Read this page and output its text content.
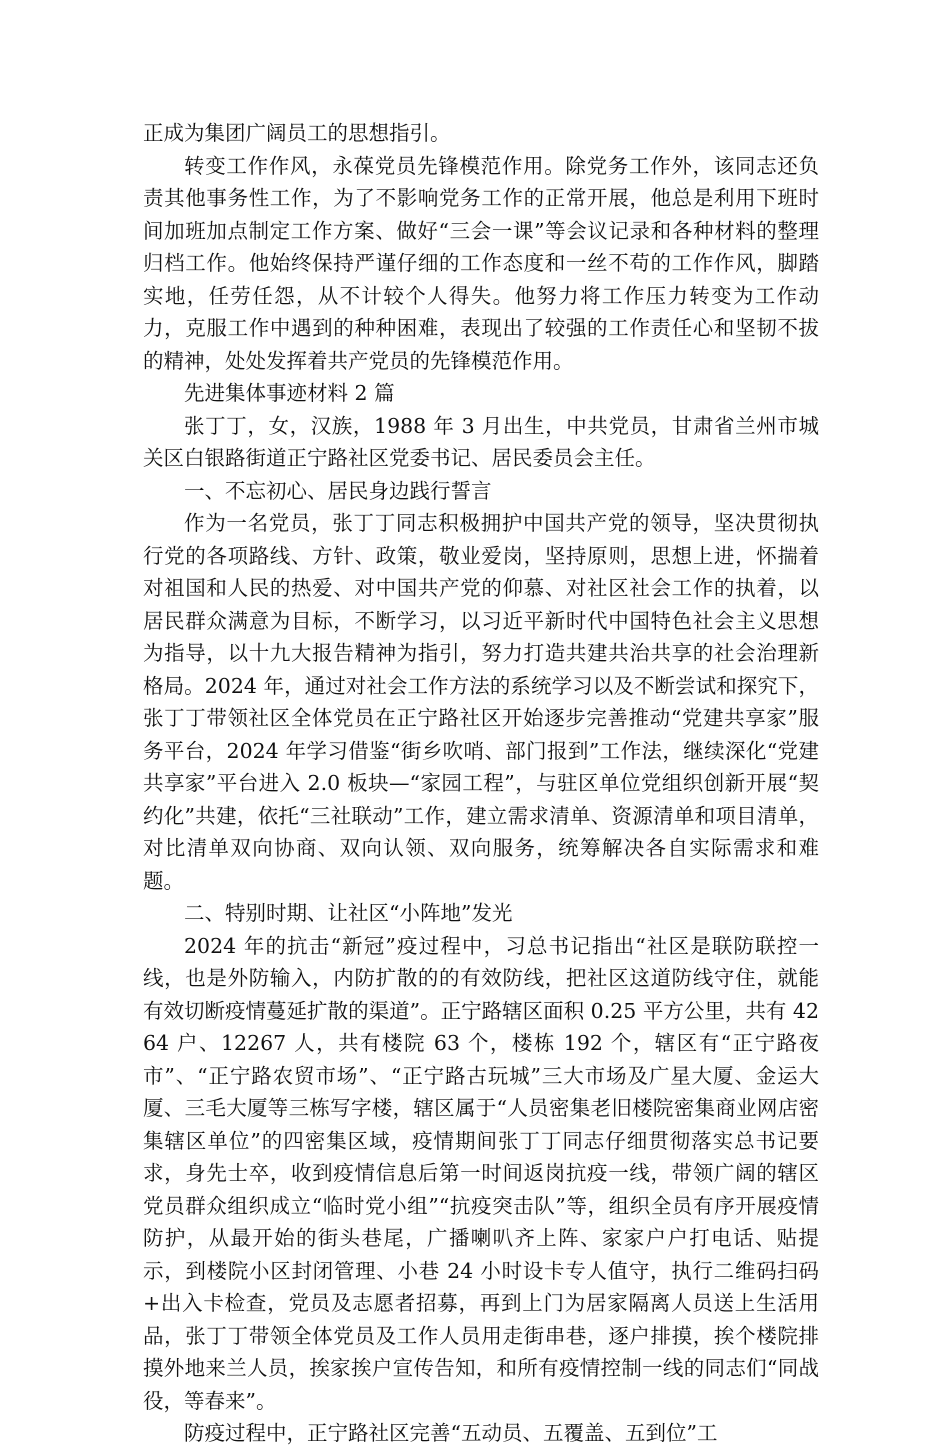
正成为集团广阔员工的思想指引。

转变工作作风，永葆党员先锋模范作用。除党务工作外，该同志还负责其他事务性工作，为了不影响党务工作的正常开展，他总是利用下班时间加班加点制定工作方案、做好“三会一课”等会议记录和各种材料的整理归档工作。他始终保持严谨仔细的工作态度和一丝不苟的工作作风，脚踏实地，任劳任怨，从不计较个人得失。他努力将工作压力转变为工作动力，克服工作中遇到的种种困难，表现出了较强的工作责任心和坚韧不拔的精神，处处发挥着共产党员的先锋模范作用。

先进集体事迹材料 2 篇

张丁丁，女，汉族，1988 年 3 月出生，中共党员，甘肃省兰州市城关区白银路街道正宁路社区党委书记、居民委员会主任。

一、不忘初心、居民身边践行誓言

作为一名党员，张丁丁同志积极拥护中国共产党的领导，坚决贯彻执行党的各项路线、方针、政策，敬业爱岗，坚持原则，思想上进，怀揣着对祖国和人民的热爱、对中国共产党的仰慕、对社区社会工作的执着，以居民群众满意为目标，不断学习，以习近平新时代中国特色社会主义思想为指导，以十九大报告精神为指引，努力打造共建共治共享的社会治理新格局。2024 年，通过对社会工作方法的系统学习以及不断尝试和探究下，张丁丁带领社区全体党员在正宁路社区开始逐步完善推动“党建共享家”服务平台，2024 年学习借鉴“街乡吹哨、部门报到”工作法，继续深化“党建共享家”平台进入 2.0 板块—“家园工程”，与驻区单位党组织创新开展“契约化”共建，依托“三社联动”工作，建立需求清单、资源清单和项目清单，对比清单双向协商、双向认领、双向服务，统筹解决各自实际需求和难题。

二、特别时期、让社区“小阵地”发光

2024 年的抗击“新冠”疫过程中，习总书记指出“社区是联防联控一线，也是外防输入，内防扩散的的有效防线，把社区这道防线守住，就能有效切断疫情蔓延扩散的渠道”。正宁路辖区面积 0.25 平方公里，共有 4264 户、12267 人，共有楼院 63 个，楼栋 192 个，辖区有“正宁路夜市”、“正宁路农贸市场”、“正宁路古玩城”三大市场及广星大厦、金运大厦、三毛大厦等三栋写字楼，辖区属于“人员密集老旧楼院密集商业网店密集辖区单位”的四密集区域，疫情期间张丁丁同志仔细贯彻落实总书记要求，身先士卒，收到疫情信息后第一时间返岗抗疫一线，带领广阔的辖区党员群众组织成立“临时党小组”“抗疫突击队”等，组织全员有序开展疫情防护，从最开始的街头巷尾，广播喇叭齐上阵、家家户户打电话、贴提示，到楼院小区封闭管理、小巷 24 小时设卡专人值守，执行二维码扫码+出入卡检查，党员及志愿者招募，再到上门为居家隔离人员送上生活用品，张丁丁带领全体党员及工作人员用走街串巷，逐户排摸，挨个楼院排摸外地来兰人员，挨家挨户宣传告知，和所有疫情控制一线的同志们“同战役，等春来”。

防疫过程中，正宁路社区完善“五动员、五覆盖、五到位”工
